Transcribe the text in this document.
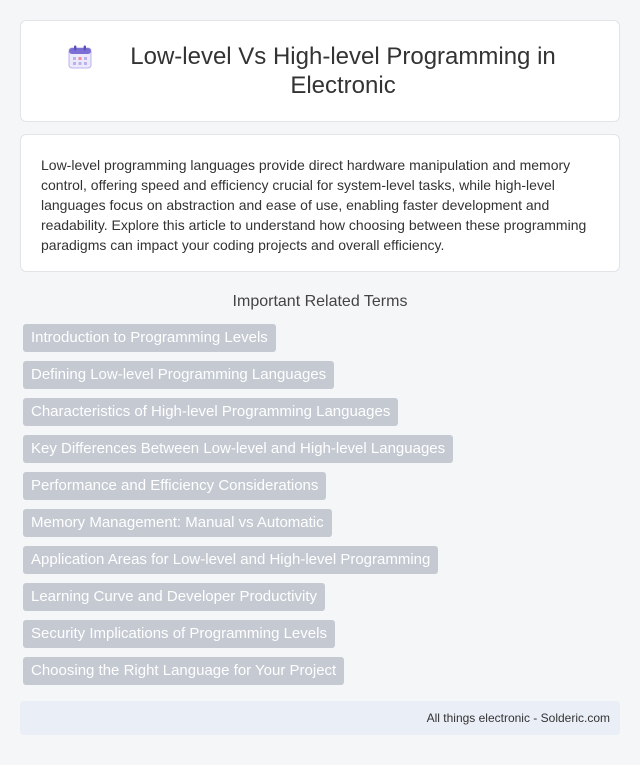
Low-level Vs High-level Programming in Electronic

Low-level programming languages provide direct hardware manipulation and memory control, offering speed and efficiency crucial for system-level tasks, while high-level languages focus on abstraction and ease of use, enabling faster development and readability. Explore this article to understand how choosing between these programming paradigms can impact your coding projects and overall efficiency.

Important Related Terms
Introduction to Programming Levels
Defining Low-level Programming Languages
Characteristics of High-level Programming Languages
Key Differences Between Low-level and High-level Languages
Performance and Efficiency Considerations
Memory Management: Manual vs Automatic
Application Areas for Low-level and High-level Programming
Learning Curve and Developer Productivity
Security Implications of Programming Levels
Choosing the Right Language for Your Project
All things electronic - Solderic.com
